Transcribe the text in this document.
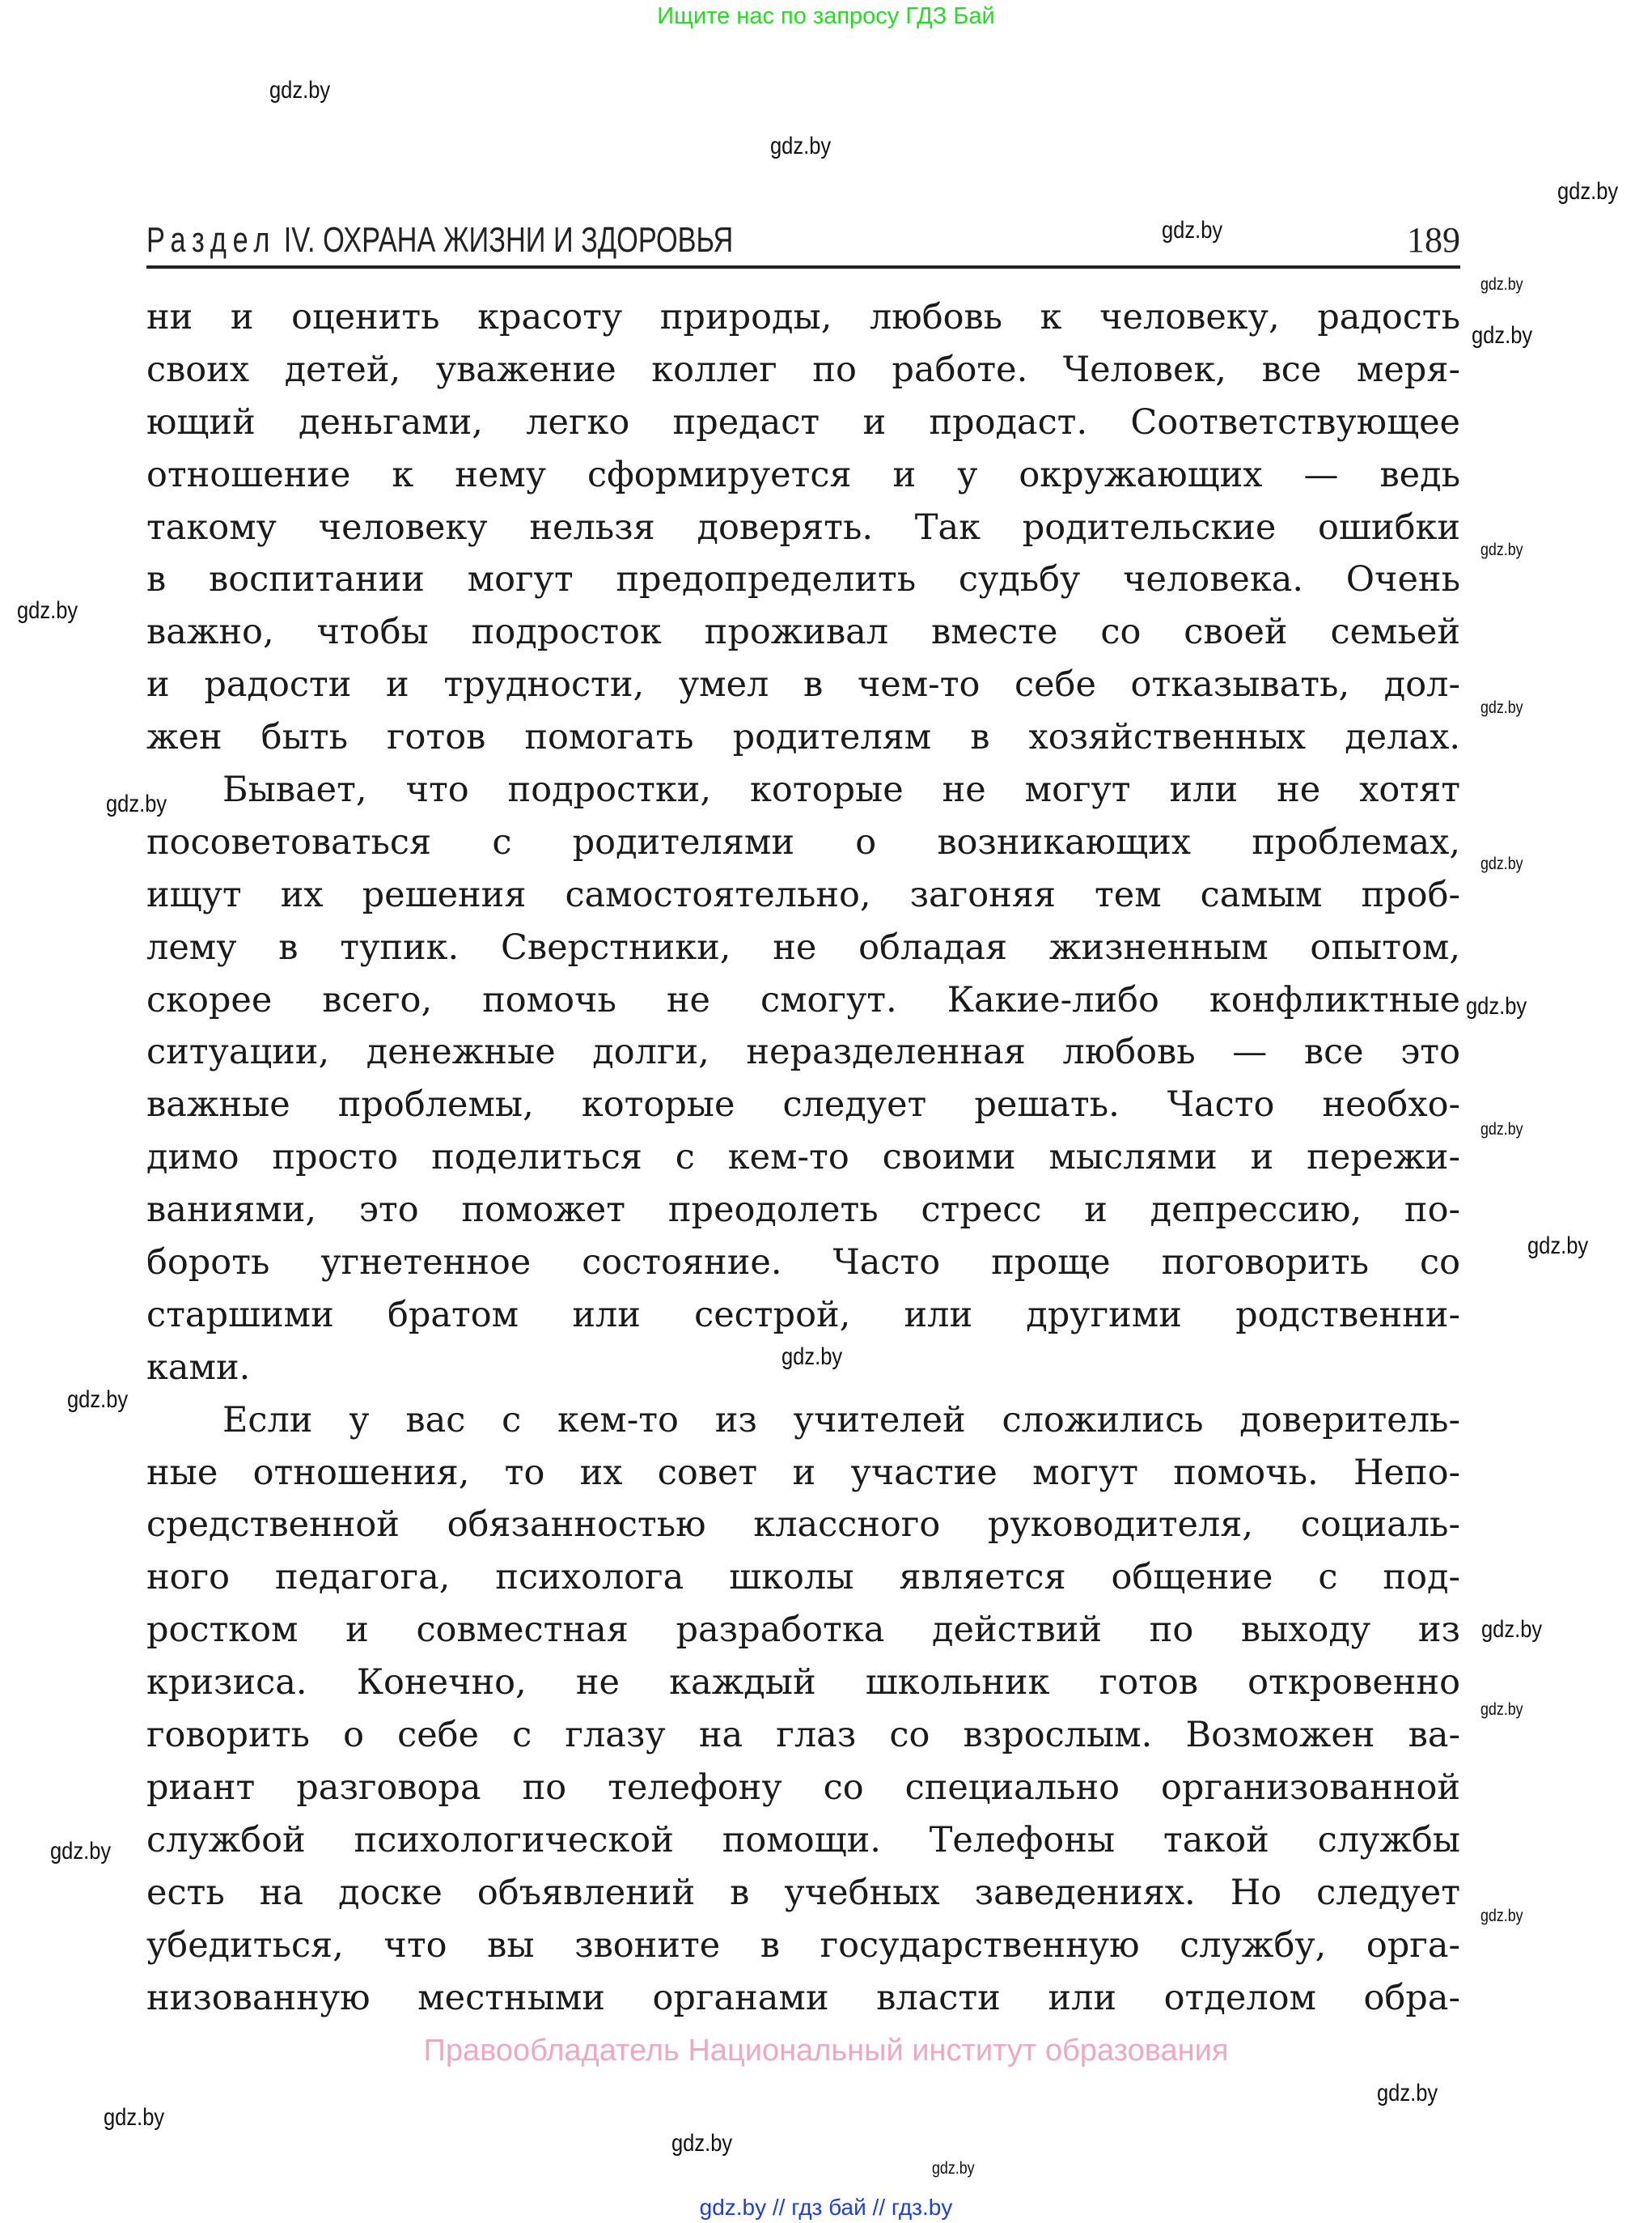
Ищите нас по запросу ГДЗ Бай
Раздел IV. ОХРАНА ЖИЗНИ И ЗДОРОВЬЯ	189
ни и оценить красоту природы, любовь к человеку, радость
своих детей, уважение коллег по работе. Человек, все меря-
ющий деньгами, легко предаст и продаст. Соответствующее
отношение к нему сформируется и у окружающих — ведь
такому человеку нельзя доверять. Так родительские ошибки
в воспитании могут предопределить судьбу человека. Очень
важно, чтобы подросток проживал вместе со своей семьей
и радости и трудности, умел в чем-то себе отказывать, дол-
жен быть готов помогать родителям в хозяйственных делах.
Бывает, что подростки, которые не могут или не хотят
посоветоваться с родителями о возникающих проблемах,
ищут их решения самостоятельно, загоняя тем самым проб-
лему в тупик. Сверстники, не обладая жизненным опытом,
скорее всего, помочь не смогут. Какие-либо конфликтные
ситуации, денежные долги, неразделенная любовь — все это
важные проблемы, которые следует решать. Часто необхо-
димо просто поделиться с кем-то своими мыслями и пережи-
ваниями, это поможет преодолеть стресс и депрессию, по-
бороть угнетенное состояние. Часто проще поговорить со
старшими братом или сестрой, или другими родственни-
ками.
Если у вас с кем-то из учителей сложились доверитель-
ные отношения, то их совет и участие могут помочь. Непо-
средственной обязанностью классного руководителя, социаль-
ного педагога, психолога школы является общение с под-
ростком и совместная разработка действий по выходу из
кризиса. Конечно, не каждый школьник готов откровенно
говорить о себе с глазу на глаз со взрослым. Возможен ва-
риант разговора по телефону со специально организованной
службой психологической помощи. Телефоны такой службы
есть на доске объявлений в учебных заведениях. Но следует
убедиться, что вы звоните в государственную службу, орга-
низованную местными органами власти или отделом обра-
Правообладатель Национальный институт образования
gdz.by // гдз бай // гдз.by
gdz.by
gdz.by
gdz.by
gdz.by
gdz.by
gdz.by
gdz.by
gdz.by
gdz.by
gdz.by
gdz.by
gdz.by
gdz.by
gdz.by
gdz.by
gdz.by
gdz.by
gdz.by
gdz.by
gdz.by
gdz.by
gdz.by
gdz.by
gdz.by
